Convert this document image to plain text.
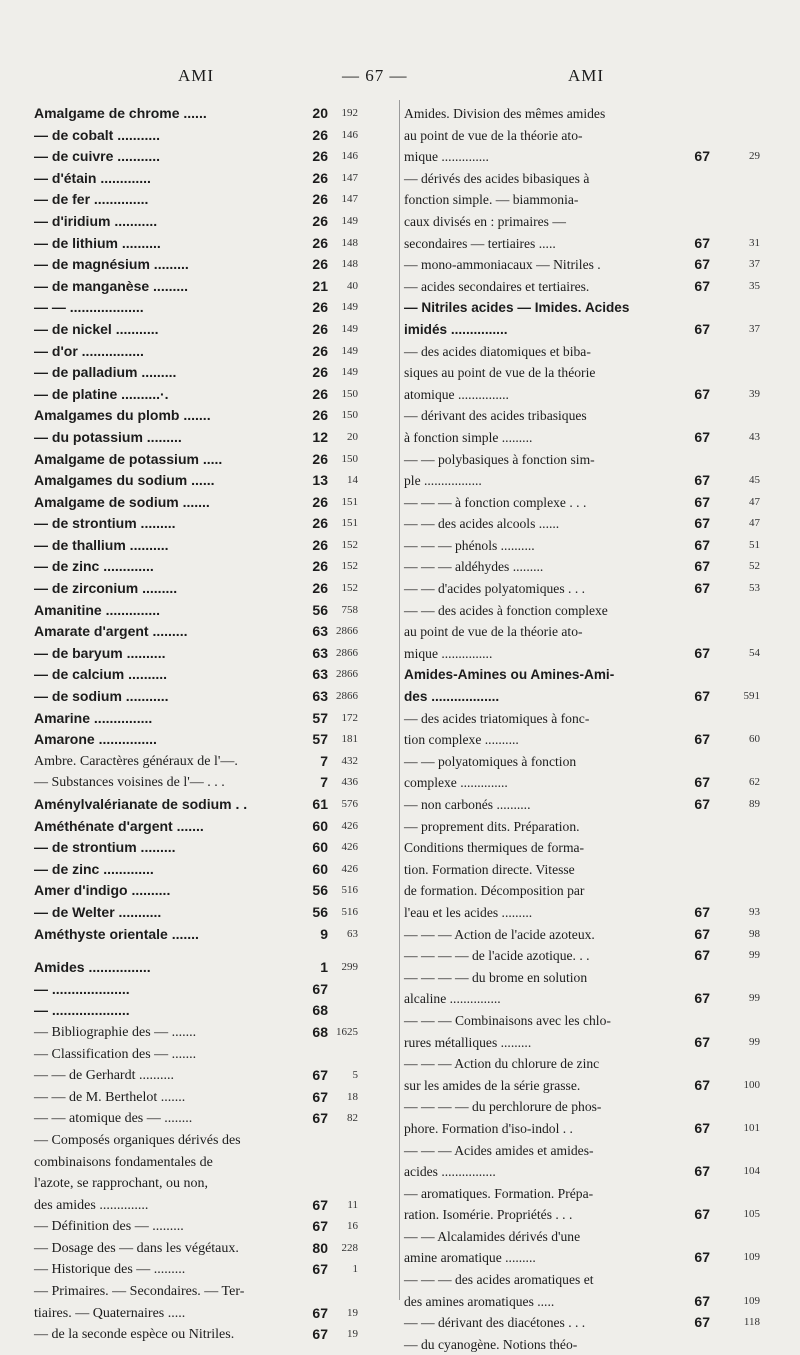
AMI	— 67 —	AMI
Amalgame de chrome ......	20	192
— de cobalt ...........	26	146
— de cuivre ...........	26	146
— d'étain .............	26	147
— de fer ..............	26	147
— d'iridium ...........	26	149
— de lithium ..........	26	148
— de magnésium .........	26	148
— de manganèse .........	21	40
— — ...................	26	149
— de nickel ...........	26	149
— d'or ................	26	149
— de palladium .........	26	149
— de platine ..........·.	26	150
Amalgames du plomb .......	26	150
— du potassium .........	12	20
Amalgame de potassium .....	26	150
Amalgames du sodium ......	13	14
Amalgame de sodium .......	26	151
— de strontium .........	26	151
— de thallium ..........	26	152
— de zinc .............	26	152
— de zirconium .........	26	152
Amanitine ..............	56	758
Amarate d'argent .........	63 2866
— de baryum ..........	63 2866
— de calcium ..........	63 2866
— de sodium ...........	63 2866
Amarine ...............	57	172
Amarone ...............	57	181
Ambre. Caractères généraux de l'—.	7	432
— Substances voisines de l'— . . .	7	436
Aménylvalérianate de sodium . .	61	576
Améthénate d'argent .......	60	426
— de strontium .........	60	426
— de zinc .............	60	426
Amer d'indigo ..........	56	516
— de Welter ...........	56	516
Améthyste orientale .......	9	63
Amides ................	1	299
— ....................	67
— ....................	68
— Bibliographie des — .......	68 1625
— Classification des — .......
— — de Gerhardt ..........	67	5
— — de M. Berthelot .......	67	18
— — atomique des — ........	67	82
— Composés organiques dérivés des
combinaisons fondamentales de
l'azote, se rapprochant, ou non,
des amides ..............	67	11
— Définition des — .........	67	16
— Dosage des — dans les végétaux.	80	228
— Historique des — .........	67	1
— Primaires. — Secondaires. — Ter-
tiaires. — Quaternaires .....	67	19
— de la seconde espèce ou Nitriles.	67	19
Amides. Division des mêmes amides
au point de vue de la théorie ato-
mique ..............	67	29
— dérivés des acides bibasiques à
fonction simple. — biammonia-
caux divisés en : primaires —
secondaires — tertiaires .....	67	31
— mono-ammoniacaux — Nitriles .	67	37
— acides secondaires et tertiaires.	67	35
— Nitriles acides — Imides. Acides
imidés ...............	67	37
— des acides diatomiques et biba-
siques au point de vue de la théorie
atomique ...............	67	39
— dérivant des acides tribasiques
à fonction simple .........	67	43
— — polybasiques à fonction sim-
ple .................	67	45
— — — à fonction complexe . . .	67	47
— — des acides alcools ......	67	47
— — — phénols ..........	67	51
— — — aldéhydes .........	67	52
— — d'acides polyatomiques . . .	67	53
— — des acides à fonction complexe
au point de vue de la théorie ato-
mique ...............	67	54
Amides-Amines ou Amines-Ami-
des ..................	67	591
— des acides triatomiques à fonc-
tion complexe ..........	67	60
— — polyatomiques à fonction
complexe ..............	67	62
— non carbonés ..........	67	89
— proprement dits. Préparation.
Conditions thermiques de forma-
tion. Formation directe. Vitesse
de formation. Décomposition par
l'eau et les acides .........	67	93
— — — Action de l'acide azoteux.	67	98
— — — — de l'acide azotique. . .	67	99
— — — — du brome en solution
alcaline ...............	67	99
— — — Combinaisons avec les chlo-
rures métalliques .........	67	99
— — — Action du chlorure de zinc
sur les amides de la série grasse.	67	100
— — — — du perchlorure de phos-
phore. Formation d'iso-indol . .	67	101
— — — Acides amides et amides-
acides ................	67	104
— aromatiques. Formation. Prépa-
ration. Isomérie. Propriétés . . .	67	105
— — Alcalamides dérivés d'une
amine aromatique .........	67	109
— — — des acides aromatiques et
des amines aromatiques .....	67	109
— — dérivant des diacétones . . .	67	118
— du cyanogène. Notions théo-
